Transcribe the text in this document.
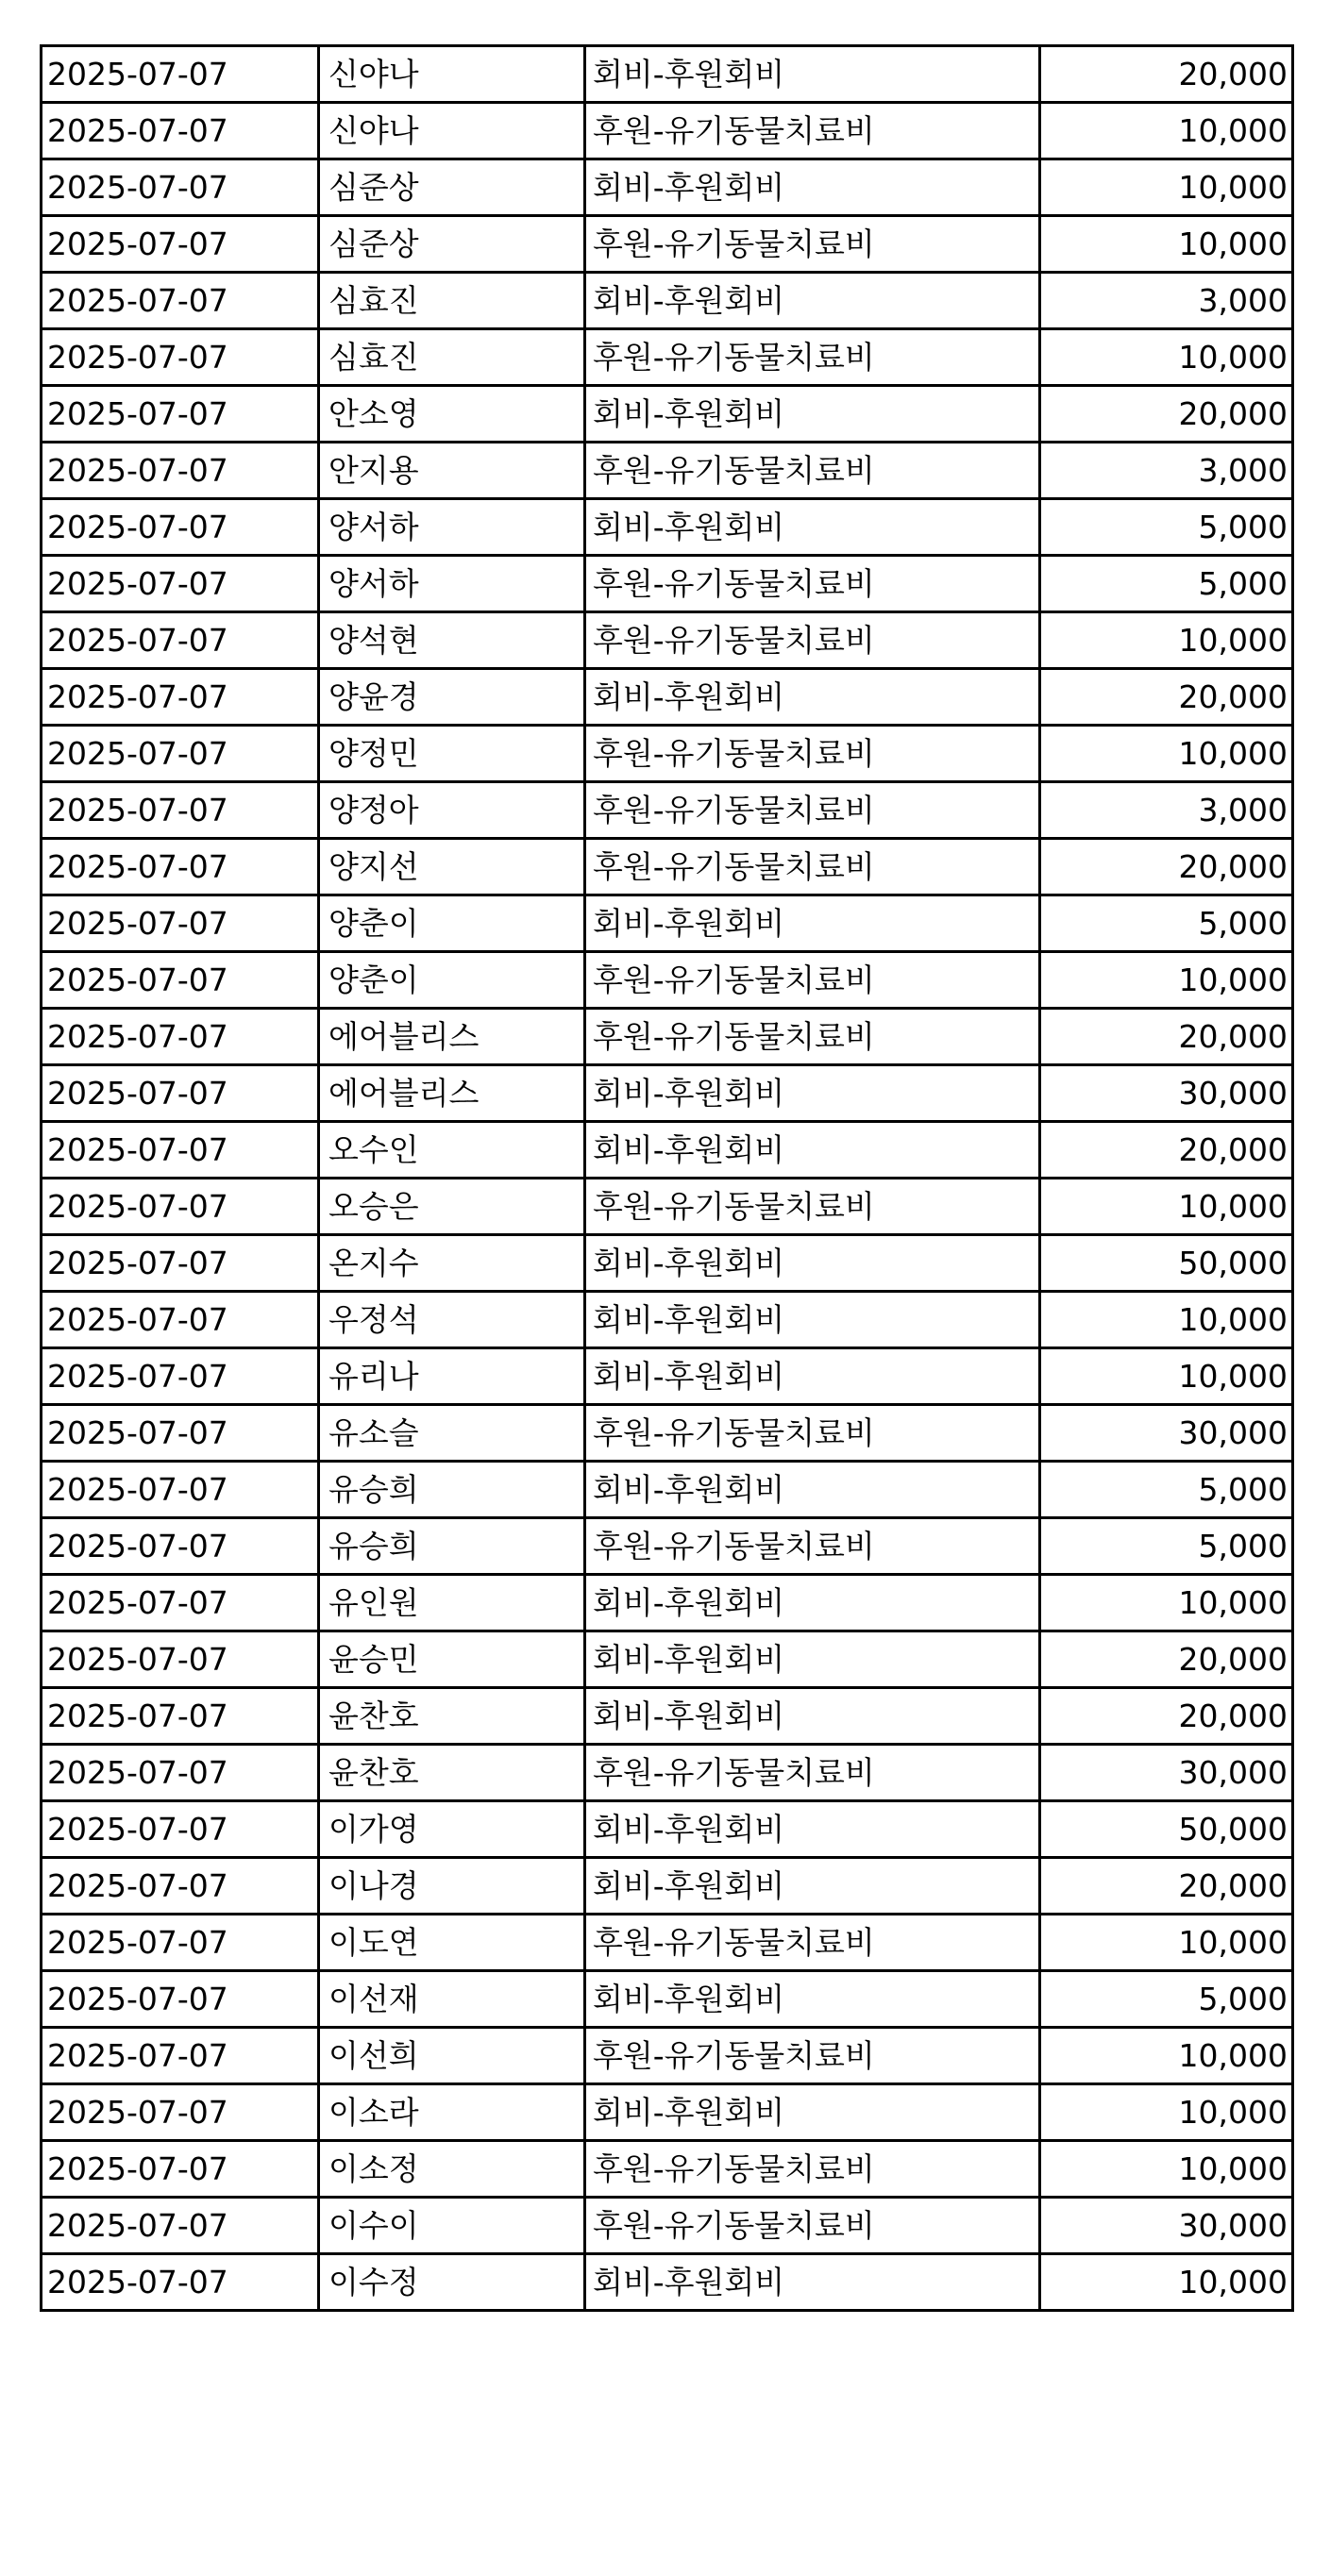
2025-07-07	신야나	회비-후원회비	20,000
2025-07-07	신야나	후원-유기동물치료비	10,000
2025-07-07	심준상	회비-후원회비	10,000
2025-07-07	심준상	후원-유기동물치료비	10,000
2025-07-07	심효진	회비-후원회비	3,000
2025-07-07	심효진	후원-유기동물치료비	10,000
2025-07-07	안소영	회비-후원회비	20,000
2025-07-07	안지용	후원-유기동물치료비	3,000
2025-07-07	양서하	회비-후원회비	5,000
2025-07-07	양서하	후원-유기동물치료비	5,000
2025-07-07	양석현	후원-유기동물치료비	10,000
2025-07-07	양윤경	회비-후원회비	20,000
2025-07-07	양정민	후원-유기동물치료비	10,000
2025-07-07	양정아	후원-유기동물치료비	3,000
2025-07-07	양지선	후원-유기동물치료비	20,000
2025-07-07	양춘이	회비-후원회비	5,000
2025-07-07	양춘이	후원-유기동물치료비	10,000
2025-07-07	에어블리스	후원-유기동물치료비	20,000
2025-07-07	에어블리스	회비-후원회비	30,000
2025-07-07	오수인	회비-후원회비	20,000
2025-07-07	오승은	후원-유기동물치료비	10,000
2025-07-07	온지수	회비-후원회비	50,000
2025-07-07	우정석	회비-후원회비	10,000
2025-07-07	유리나	회비-후원회비	10,000
2025-07-07	유소슬	후원-유기동물치료비	30,000
2025-07-07	유승희	회비-후원회비	5,000
2025-07-07	유승희	후원-유기동물치료비	5,000
2025-07-07	유인원	회비-후원회비	10,000
2025-07-07	윤승민	회비-후원회비	20,000
2025-07-07	윤찬호	회비-후원회비	20,000
2025-07-07	윤찬호	후원-유기동물치료비	30,000
2025-07-07	이가영	회비-후원회비	50,000
2025-07-07	이나경	회비-후원회비	20,000
2025-07-07	이도연	후원-유기동물치료비	10,000
2025-07-07	이선재	회비-후원회비	5,000
2025-07-07	이선희	후원-유기동물치료비	10,000
2025-07-07	이소라	회비-후원회비	10,000
2025-07-07	이소정	후원-유기동물치료비	10,000
2025-07-07	이수이	후원-유기동물치료비	30,000
2025-07-07	이수정	회비-후원회비	10,000
